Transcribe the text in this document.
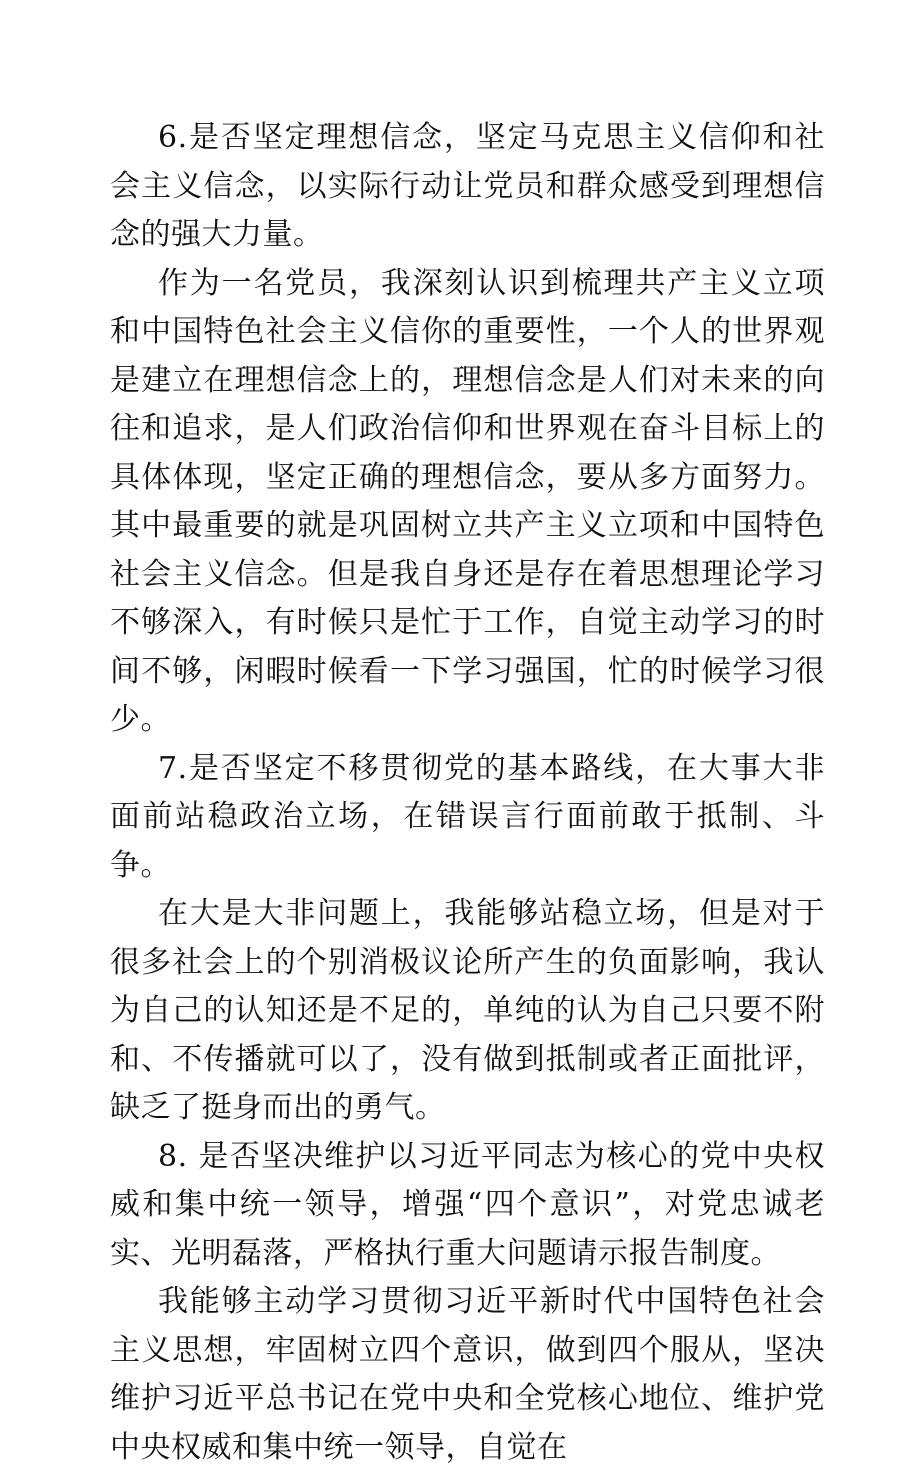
6.是否坚定理想信念，坚定马克思主义信仰和社会主义信念，以实际行动让党员和群众感受到理想信念的强大力量。

作为一名党员，我深刻认识到梳理共产主义立项和中国特色社会主义信你的重要性，一个人的世界观是建立在理想信念上的，理想信念是人们对未来的向往和追求，是人们政治信仰和世界观在奋斗目标上的具体体现，坚定正确的理想信念，要从多方面努力。其中最重要的就是巩固树立共产主义立项和中国特色社会主义信念。但是我自身还是存在着思想理论学习不够深入，有时候只是忙于工作，自觉主动学习的时间不够，闲暇时候看一下学习强国，忙的时候学习很少。

7.是否坚定不移贯彻党的基本路线，在大事大非面前站稳政治立场，在错误言行面前敢于抵制、斗争。

在大是大非问题上，我能够站稳立场，但是对于很多社会上的个别消极议论所产生的负面影响，我认为自己的认知还是不足的，单纯的认为自己只要不附和、不传播就可以了，没有做到抵制或者正面批评，缺乏了挺身而出的勇气。

8. 是否坚决维护以习近平同志为核心的党中央权威和集中统一领导，增强“四个意识”，对党忠诚老实、光明磊落，严格执行重大问题请示报告制度。

我能够主动学习贯彻习近平新时代中国特色社会主义思想，牢固树立四个意识，做到四个服从，坚决维护习近平总书记在党中央和全党核心地位、维护党中央权威和集中统一领导，自觉在
